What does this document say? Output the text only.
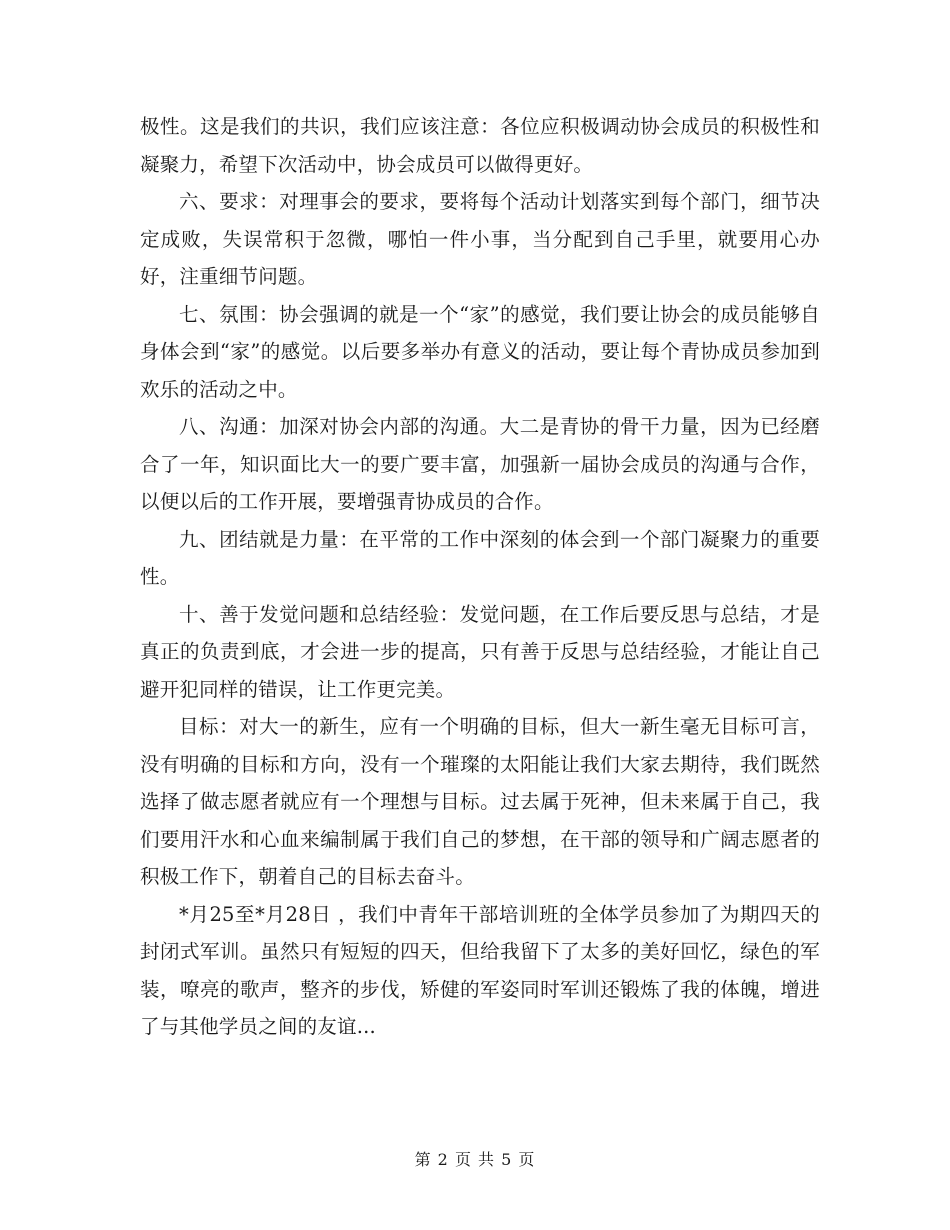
极性。这是我们的共识，我们应该注意：各位应积极调动协会成员的积极性和凝聚力，希望下次活动中，协会成员可以做得更好。

六、要求：对理事会的要求，要将每个活动计划落实到每个部门，细节决定成败，失误常积于忽微，哪怕一件小事，当分配到自己手里，就要用心办好，注重细节问题。

七、氛围：协会强调的就是一个“家”的感觉，我们要让协会的成员能够自身体会到“家”的感觉。以后要多举办有意义的活动，要让每个青协成员参加到欢乐的活动之中。

八、沟通：加深对协会内部的沟通。大二是青协的骨干力量，因为已经磨合了一年，知识面比大一的要广要丰富，加强新一届协会成员的沟通与合作，以便以后的工作开展，要增强青协成员的合作。

九、团结就是力量：在平常的工作中深刻的体会到一个部门凝聚力的重要性。

十、善于发觉问题和总结经验：发觉问题，在工作后要反思与总结，才是真正的负责到底，才会进一步的提高，只有善于反思与总结经验，才能让自己避开犯同样的错误，让工作更完美。

目标：对大一的新生，应有一个明确的目标，但大一新生毫无目标可言，没有明确的目标和方向，没有一个璀璨的太阳能让我们大家去期待，我们既然选择了做志愿者就应有一个理想与目标。过去属于死神，但未来属于自己，我们要用汗水和心血来编制属于我们自己的梦想，在干部的领导和广阔志愿者的积极工作下，朝着自己的目标去奋斗。

*月25至*月28日 ，我们中青年干部培训班的全体学员参加了为期四天的封闭式军训。虽然只有短短的四天，但给我留下了太多的美好回忆，绿色的军装，嘹亮的歌声，整齐的步伐，矫健的军姿同时军训还锻炼了我的体魄，增进了与其他学员之间的友谊...

第 2 页 共 5 页
